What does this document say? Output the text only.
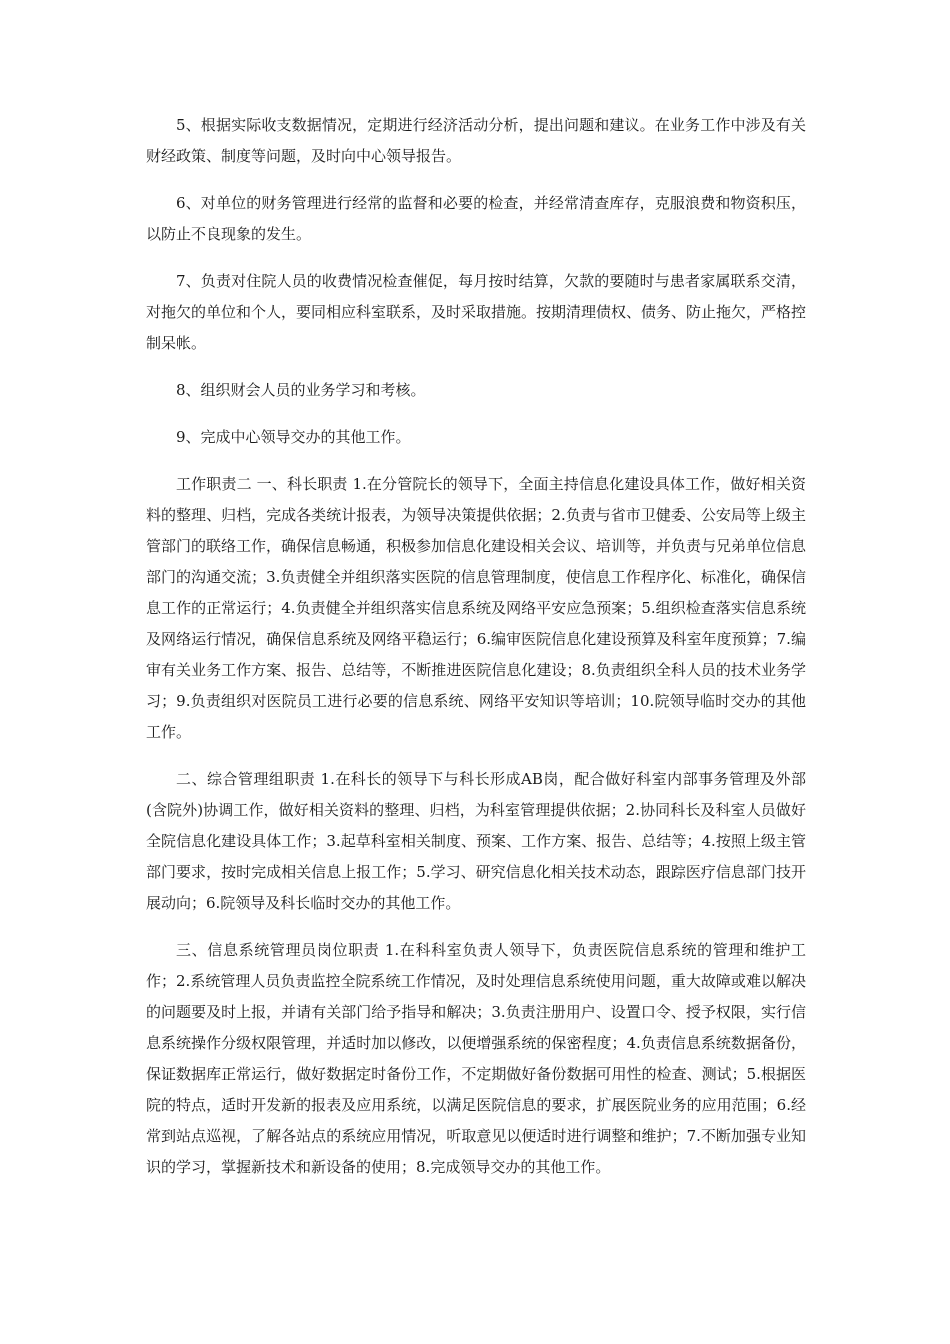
5、根据实际收支数据情况，定期进行经济活动分析，提出问题和建议。在业务工作中涉及有关财经政策、制度等问题，及时向中心领导报告。

6、对单位的财务管理进行经常的监督和必要的检查，并经常清查库存，克服浪费和物资积压，以防止不良现象的发生。

7、负责对住院人员的收费情况检查催促，每月按时结算，欠款的要随时与患者家属联系交清，对拖欠的单位和个人，要同相应科室联系，及时采取措施。按期清理债权、债务、防止拖欠，严格控制呆帐。

8、组织财会人员的业务学习和考核。

9、完成中心领导交办的其他工作。

工作职责二 一、科长职责 1.在分管院长的领导下，全面主持信息化建设具体工作，做好相关资料的整理、归档，完成各类统计报表，为领导决策提供依据；2.负责与省市卫健委、公安局等上级主管部门的联络工作，确保信息畅通，积极参加信息化建设相关会议、培训等，并负责与兄弟单位信息部门的沟通交流；3.负责健全并组织落实医院的信息管理制度，使信息工作程序化、标准化，确保信息工作的正常运行；4.负责健全并组织落实信息系统及网络平安应急预案；5.组织检查落实信息系统及网络运行情况，确保信息系统及网络平稳运行；6.编审医院信息化建设预算及科室年度预算；7.编审有关业务工作方案、报告、总结等，不断推进医院信息化建设；8.负责组织全科人员的技术业务学习；9.负责组织对医院员工进行必要的信息系统、网络平安知识等培训；10.院领导临时交办的其他工作。

二、综合管理组职责 1.在科长的领导下与科长形成AB岗，配合做好科室内部事务管理及外部(含院外)协调工作，做好相关资料的整理、归档，为科室管理提供依据；2.协同科长及科室人员做好全院信息化建设具体工作；3.起草科室相关制度、预案、工作方案、报告、总结等；4.按照上级主管部门要求，按时完成相关信息上报工作；5.学习、研究信息化相关技术动态，跟踪医疗信息部门技开展动向；6.院领导及科长临时交办的其他工作。

三、信息系统管理员岗位职责 1.在科科室负责人领导下，负责医院信息系统的管理和维护工作；2.系统管理人员负责监控全院系统工作情况，及时处理信息系统使用问题，重大故障或难以解决的问题要及时上报，并请有关部门给予指导和解决；3.负责注册用户、设置口令、授予权限，实行信息系统操作分级权限管理，并适时加以修改，以便增强系统的保密程度；4.负责信息系统数据备份，保证数据库正常运行，做好数据定时备份工作，不定期做好备份数据可用性的检查、测试；5.根据医院的特点，适时开发新的报表及应用系统，以满足医院信息的要求，扩展医院业务的应用范围；6.经常到站点巡视，了解各站点的系统应用情况，听取意见以便适时进行调整和维护；7.不断加强专业知识的学习，掌握新技术和新设备的使用；8.完成领导交办的其他工作。
